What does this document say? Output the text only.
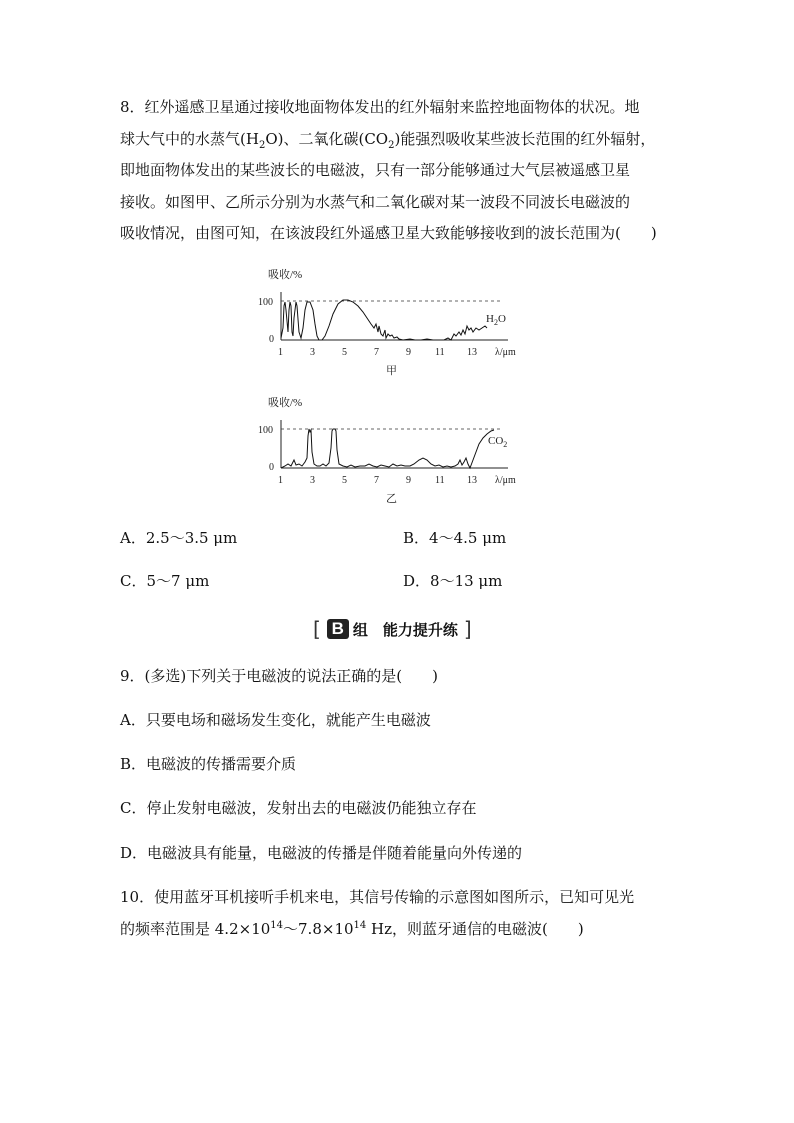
8．红外遥感卫星通过接收地面物体发出的红外辐射来监控地面物体的状况。地
球大气中的水蒸气$(H_2O)$、二氧化碳$(CO_2)$能强烈吸收某些波长范围的红外辐射，
即地面物体发出的某些波长的电磁波，只有一部分能够通过大气层被遥感卫星
接收。如图甲、乙所示分别为水蒸气和二氧化碳对某一波段不同波长电磁波的
吸收情况，由图可知，在该波段红外遥感卫星大致能够接收到的波长范围为(　　)
吸收/%
100
0
$H_2O$
1	3	5	7	9 11 13 λ/μm
甲
吸收/%
100
0
$CO_2$
1	3	5	7	9 11 13 λ/μm
乙
A．2.5～3.5 μm	B．4～4.5 μm
C．5～7 μm	D．8～13 μm
[ B 组　能力提升练 ]
9．(多选)下列关于电磁波的说法正确的是(　　)
A．只要电场和磁场发生变化，就能产生电磁波
B．电磁波的传播需要介质
C．停止发射电磁波，发射出去的电磁波仍能独立存在
D．电磁波具有能量，电磁波的传播是伴随着能量向外传递的
10．使用蓝牙耳机接听手机来电，其信号传输的示意图如图所示，已知可见光
的频率范围是 $4.2\times 10^{14}\sim 7.8\times 10^{14}$ Hz，则蓝牙通信的电磁波(　　)
